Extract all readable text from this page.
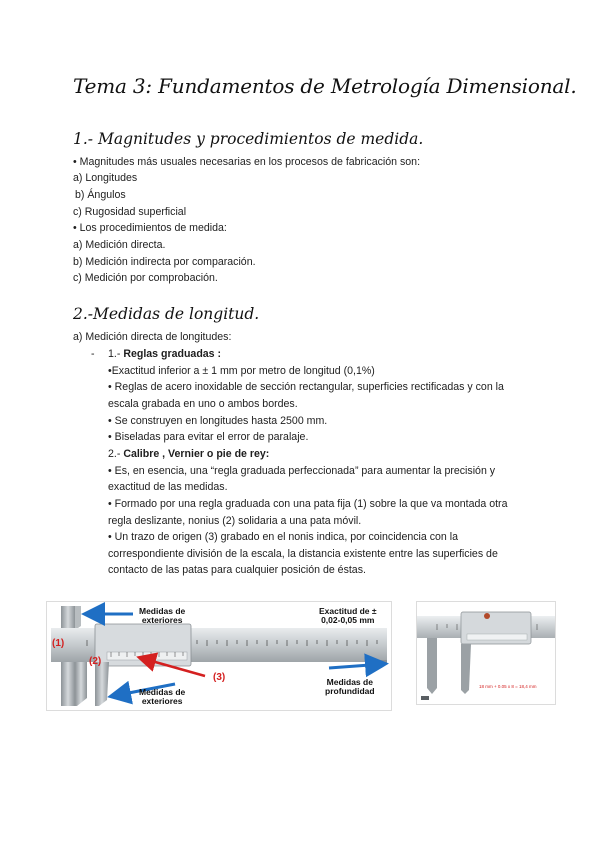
Tema 3: Fundamentos de Metrología Dimensional.
1.- Magnitudes y procedimientos de medida.
• Magnitudes más usuales necesarias en los procesos de fabricación son:
a) Longitudes
b) Ángulos
c) Rugosidad superficial
• Los procedimientos de medida:
a) Medición directa.
b) Medición indirecta por comparación.
c) Medición por comprobación.
2.-Medidas de longitud.
a) Medición directa de longitudes:
- 1.- Reglas graduadas :
•Exactitud inferior a ± 1 mm por metro de longitud (0,1%)
• Reglas de acero inoxidable de sección rectangular, superficies rectificadas y con la
escala grabada en uno o ambos bordes.
• Se construyen en longitudes hasta 2500 mm.
• Biseladas para evitar el error de paralaje.
2.- Calibre , Vernier o pie de rey:
• Es, en esencia, una “regla graduada perfeccionada” para aumentar la precisión y
exactitud de las medidas.
• Formado por una regla graduada con una pata fija (1) sobre la que va montada otra
regla deslizante, nonius (2) solidaria a una pata móvil.
• Un trazo de origen (3) grabado en el nonis indica, por coincidencia con la
correspondiente división de la escala, la distancia existente entre las superficies de
contacto de las patas para cualquier posición de éstas.
Medidas de
exteriores
Exactitud de ±
0,02-0,05 mm
Medidas de
exteriores
Medidas de
profundidad
(1)
(2)
(3)
18 mm + 0.05 x 8 = 18,4 mm
